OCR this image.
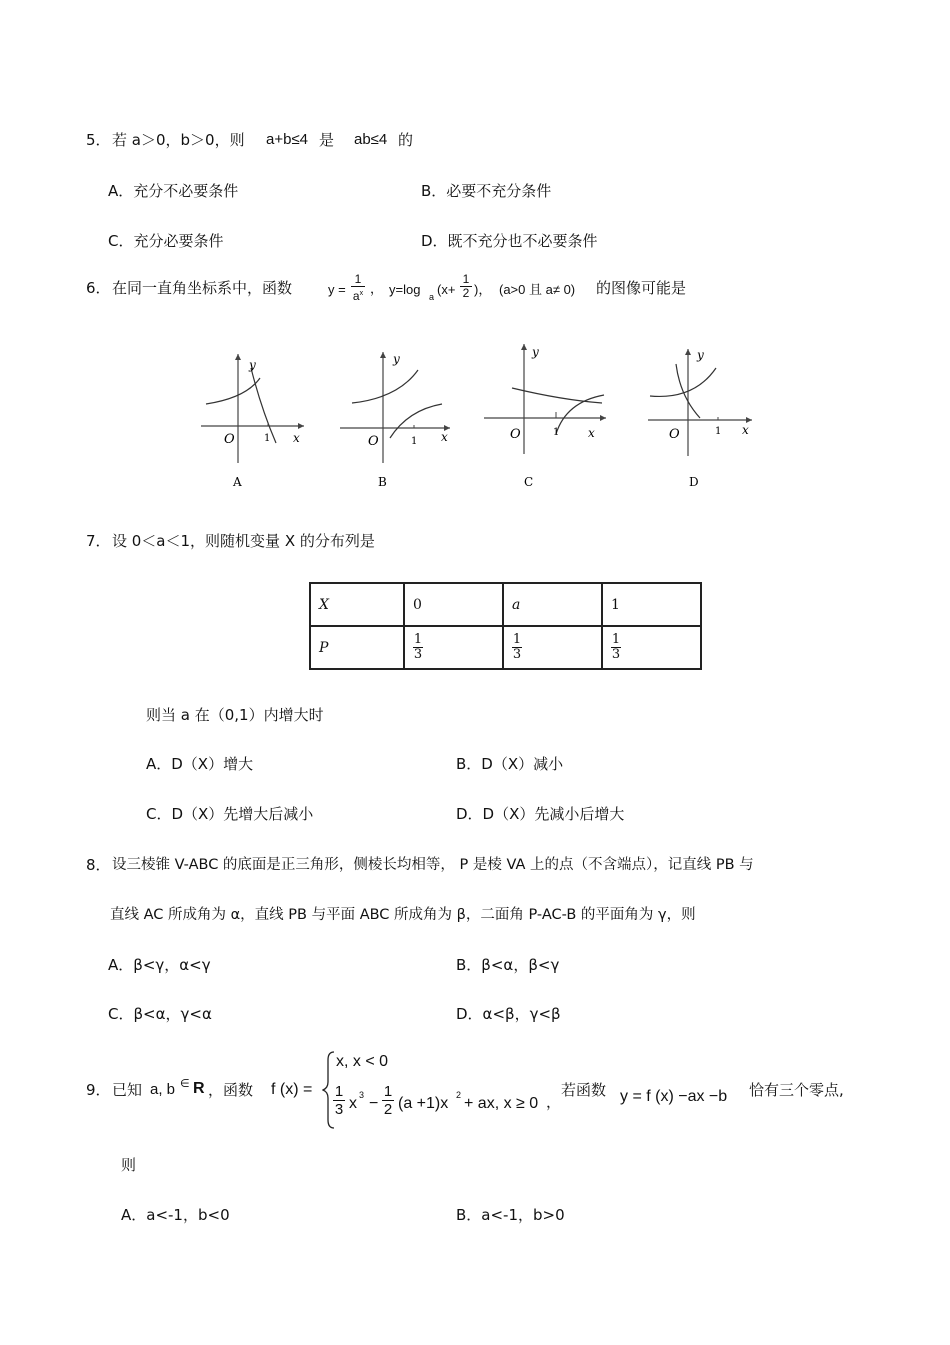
5． 若 a＞0，b＞0，则 a+b≤4 是 ab≤4 的
A．充分不必要条件	B．必要不充分条件
C．充分必要条件	D．既不充分也不必要条件
6． 在同一直角坐标系中，函数	y =
1
$a^x$ ， y=log a (x+
1
2 )， (a>0 且 a≠ 0) 的图像可能是
y
x
O	1
A
y
x
O	1
B
y
x
O	1
C
y
x
O	1
D
7． 设 0＜a＜1，则随机变量 X 的分布列是
X	0	a	1
P	$\frac{1}{3}$	$\frac{1}{3}$	$\frac{1}{3}$
则当 a 在（0,1）内增大时
A．D（X）增大	B．D（X）减小
C．D（X）先增大后减小	D．D（X）先减小后增大
8． 设三棱锥 V-ABC 的底面是正三角形，侧棱长均相等， P 是棱 VA 上的点（不含端点），记直线 PB 与
直线 AC 所成角为 α，直线 PB 与平面 ABC 所成角为 β，二面角 P-AC-B 的平面角为 γ，则
A．β<γ，α<γ	B．β<α，β<γ
C．β<α，γ<α	D．α<β，γ<β
9． 已知 a, b ∈ R ，函数 f (x) =
x, x < 0
1
3 x 3 −
1
2 (a +1)x 2 + ax, x ≥ 0 ，
若函数 y = f (x) −ax −b 恰有三个零点,
则
A．a<-1，b<0	B．a<-1，b>0
